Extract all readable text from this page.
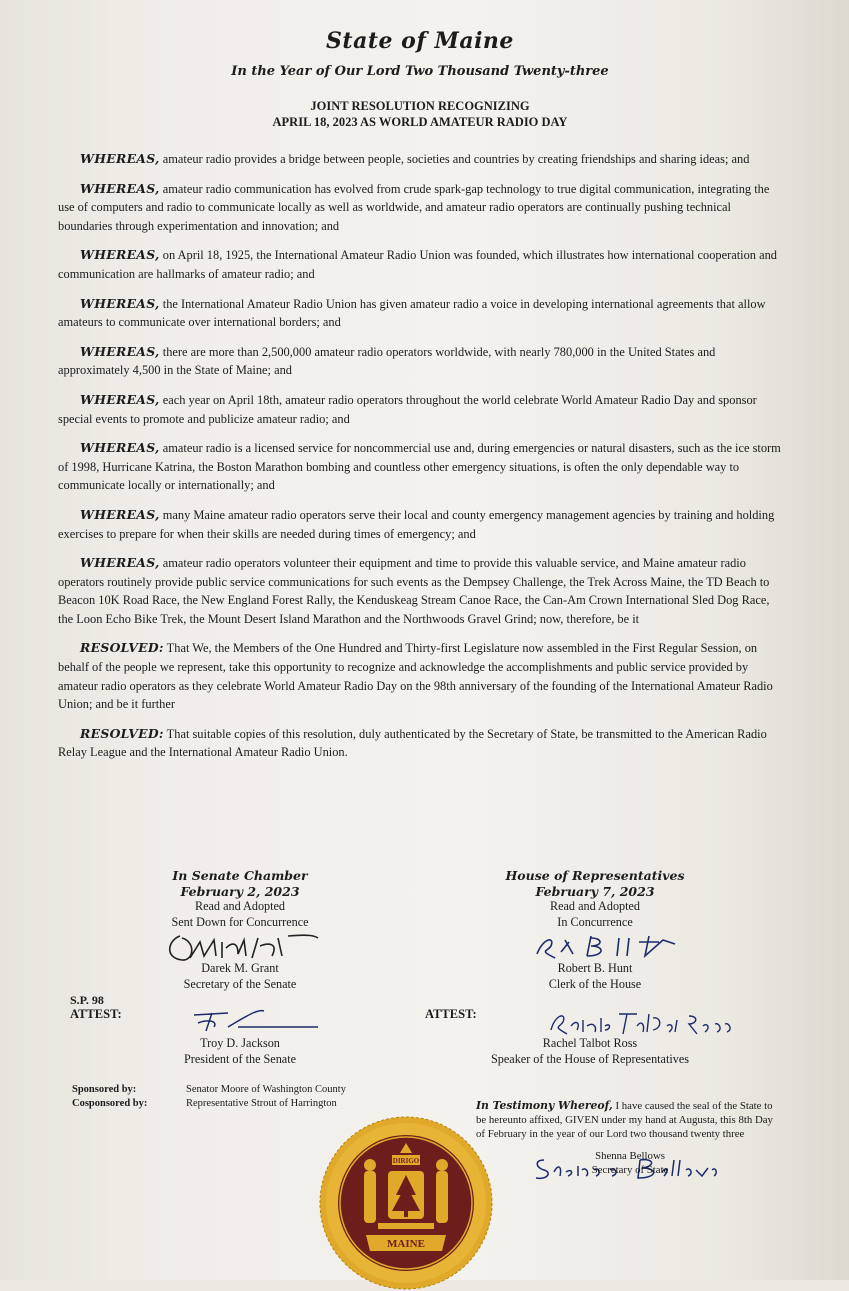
State of Maine
In the Year of Our Lord Two Thousand Twenty-three
JOINT RESOLUTION RECOGNIZING
APRIL 18, 2023 AS WORLD AMATEUR RADIO DAY

WHEREAS, amateur radio provides a bridge between people, societies and countries by creating friendships and sharing ideas; and

WHEREAS, amateur radio communication has evolved from crude spark-gap technology to true digital communication, integrating the use of computers and radio to communicate locally as well as worldwide, and amateur radio operators are continually pushing technical boundaries through experimentation and innovation; and

WHEREAS, on April 18, 1925, the International Amateur Radio Union was founded, which illustrates how international cooperation and communication are hallmarks of amateur radio; and

WHEREAS, the International Amateur Radio Union has given amateur radio a voice in developing international agreements that allow amateurs to communicate over international borders; and

WHEREAS, there are more than 2,500,000 amateur radio operators worldwide, with nearly 780,000 in the United States and approximately 4,500 in the State of Maine; and

WHEREAS, each year on April 18th, amateur radio operators throughout the world celebrate World Amateur Radio Day and sponsor special events to promote and publicize amateur radio; and

WHEREAS, amateur radio is a licensed service for noncommercial use and, during emergencies or natural disasters, such as the ice storm of 1998, Hurricane Katrina, the Boston Marathon bombing and countless other emergency situations, is often the only dependable way to communicate locally or internationally; and

WHEREAS, many Maine amateur radio operators serve their local and county emergency management agencies by training and holding exercises to prepare for when their skills are needed during times of emergency; and

WHEREAS, amateur radio operators volunteer their equipment and time to provide this valuable service, and Maine amateur radio operators routinely provide public service communications for such events as the Dempsey Challenge, the Trek Across Maine, the TD Beach to Beacon 10K Road Race, the New England Forest Rally, the Kenduskeag Stream Canoe Race, the Can-Am Crown International Sled Dog Race, the Loon Echo Bike Trek, the Mount Desert Island Marathon and the Northwoods Gravel Grind; now, therefore, be it

RESOLVED: That We, the Members of the One Hundred and Thirty-first Legislature now assembled in the First Regular Session, on behalf of the people we represent, take this opportunity to recognize and acknowledge the accomplishments and public service provided by amateur radio operators as they celebrate World Amateur Radio Day on the 98th anniversary of the founding of the International Amateur Radio Union; and be it further

RESOLVED: That suitable copies of this resolution, duly authenticated by the Secretary of State, be transmitted to the American Radio Relay League and the International Amateur Radio Union.

In Senate Chamber
February 2, 2023
Read and Adopted
Sent Down for Concurrence
Darek M. Grant
Secretary of the Senate
House of Representatives
February 7, 2023
Read and Adopted
In Concurrence
Robert B. Hunt
Clerk of the House
S.P. 98
ATTEST:	ATTEST:
Troy D. Jackson
President of the Senate
Rachel Talbot Ross
Speaker of the House of Representatives
Sponsored by:	Senator Moore of Washington County
Cosponsored by:	Representative Strout of Harrington	In Testimony Whereof, I have caused the seal of the State to be hereunto affixed, GIVEN under my hand at Augusta, this 8th Day of February in the year of our Lord two thousand twenty three
Shenna Bellows
Secretary of State
DIRIGO
MAINE
